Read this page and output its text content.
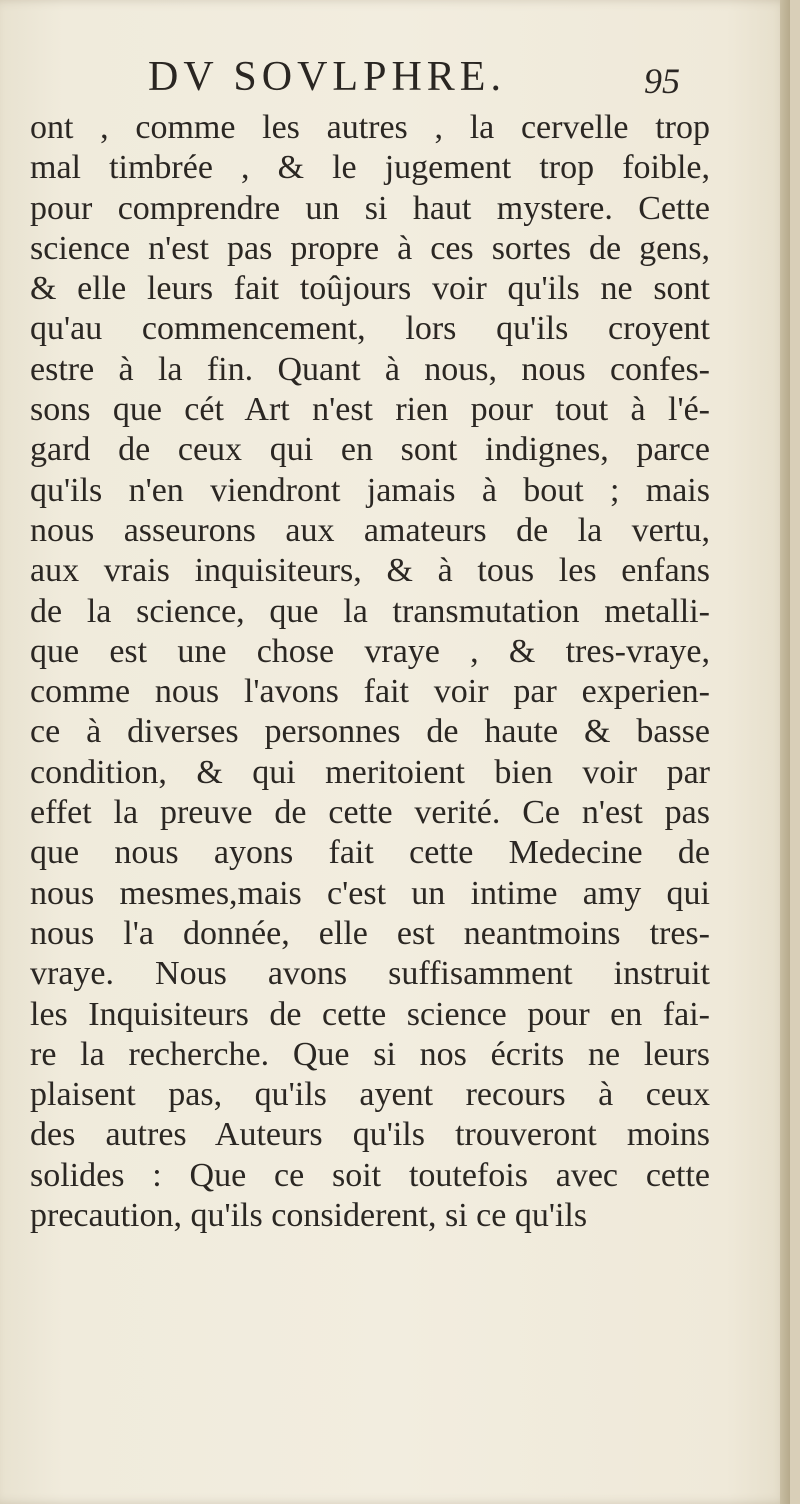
DV SOVLPHRE.	95
ont , comme les autres , la cervelle trop
mal timbrée , & le jugement trop foible,
pour comprendre un si haut mystere. Cette
science n'est pas propre à ces sortes de gens,
& elle leurs fait toûjours voir qu'ils ne sont
qu'au commencement, lors qu'ils croyent
estre à la fin. Quant à nous, nous confes-
sons que cét Art n'est rien pour tout à l'é-
gard de ceux qui en sont indignes, parce
qu'ils n'en viendront jamais à bout ; mais
nous asseurons aux amateurs de la vertu,
aux vrais inquisiteurs, & à tous les enfans
de la science, que la transmutation metalli-
que est une chose vraye , & tres-vraye,
comme nous l'avons fait voir par experien-
ce à diverses personnes de haute & basse
condition, & qui meritoient bien voir par
effet la preuve de cette verité. Ce n'est pas
que nous ayons fait cette Medecine de
nous mesmes,mais c'est un intime amy qui
nous l'a donnée, elle est neantmoins tres-
vraye. Nous avons suffisamment instruit
les Inquisiteurs de cette science pour en fai-
re la recherche. Que si nos écrits ne leurs
plaisent pas, qu'ils ayent recours à ceux
des autres Auteurs qu'ils trouveront moins
solides : Que ce soit toutefois avec cette
precaution, qu'ils considerent, si ce qu'ils
